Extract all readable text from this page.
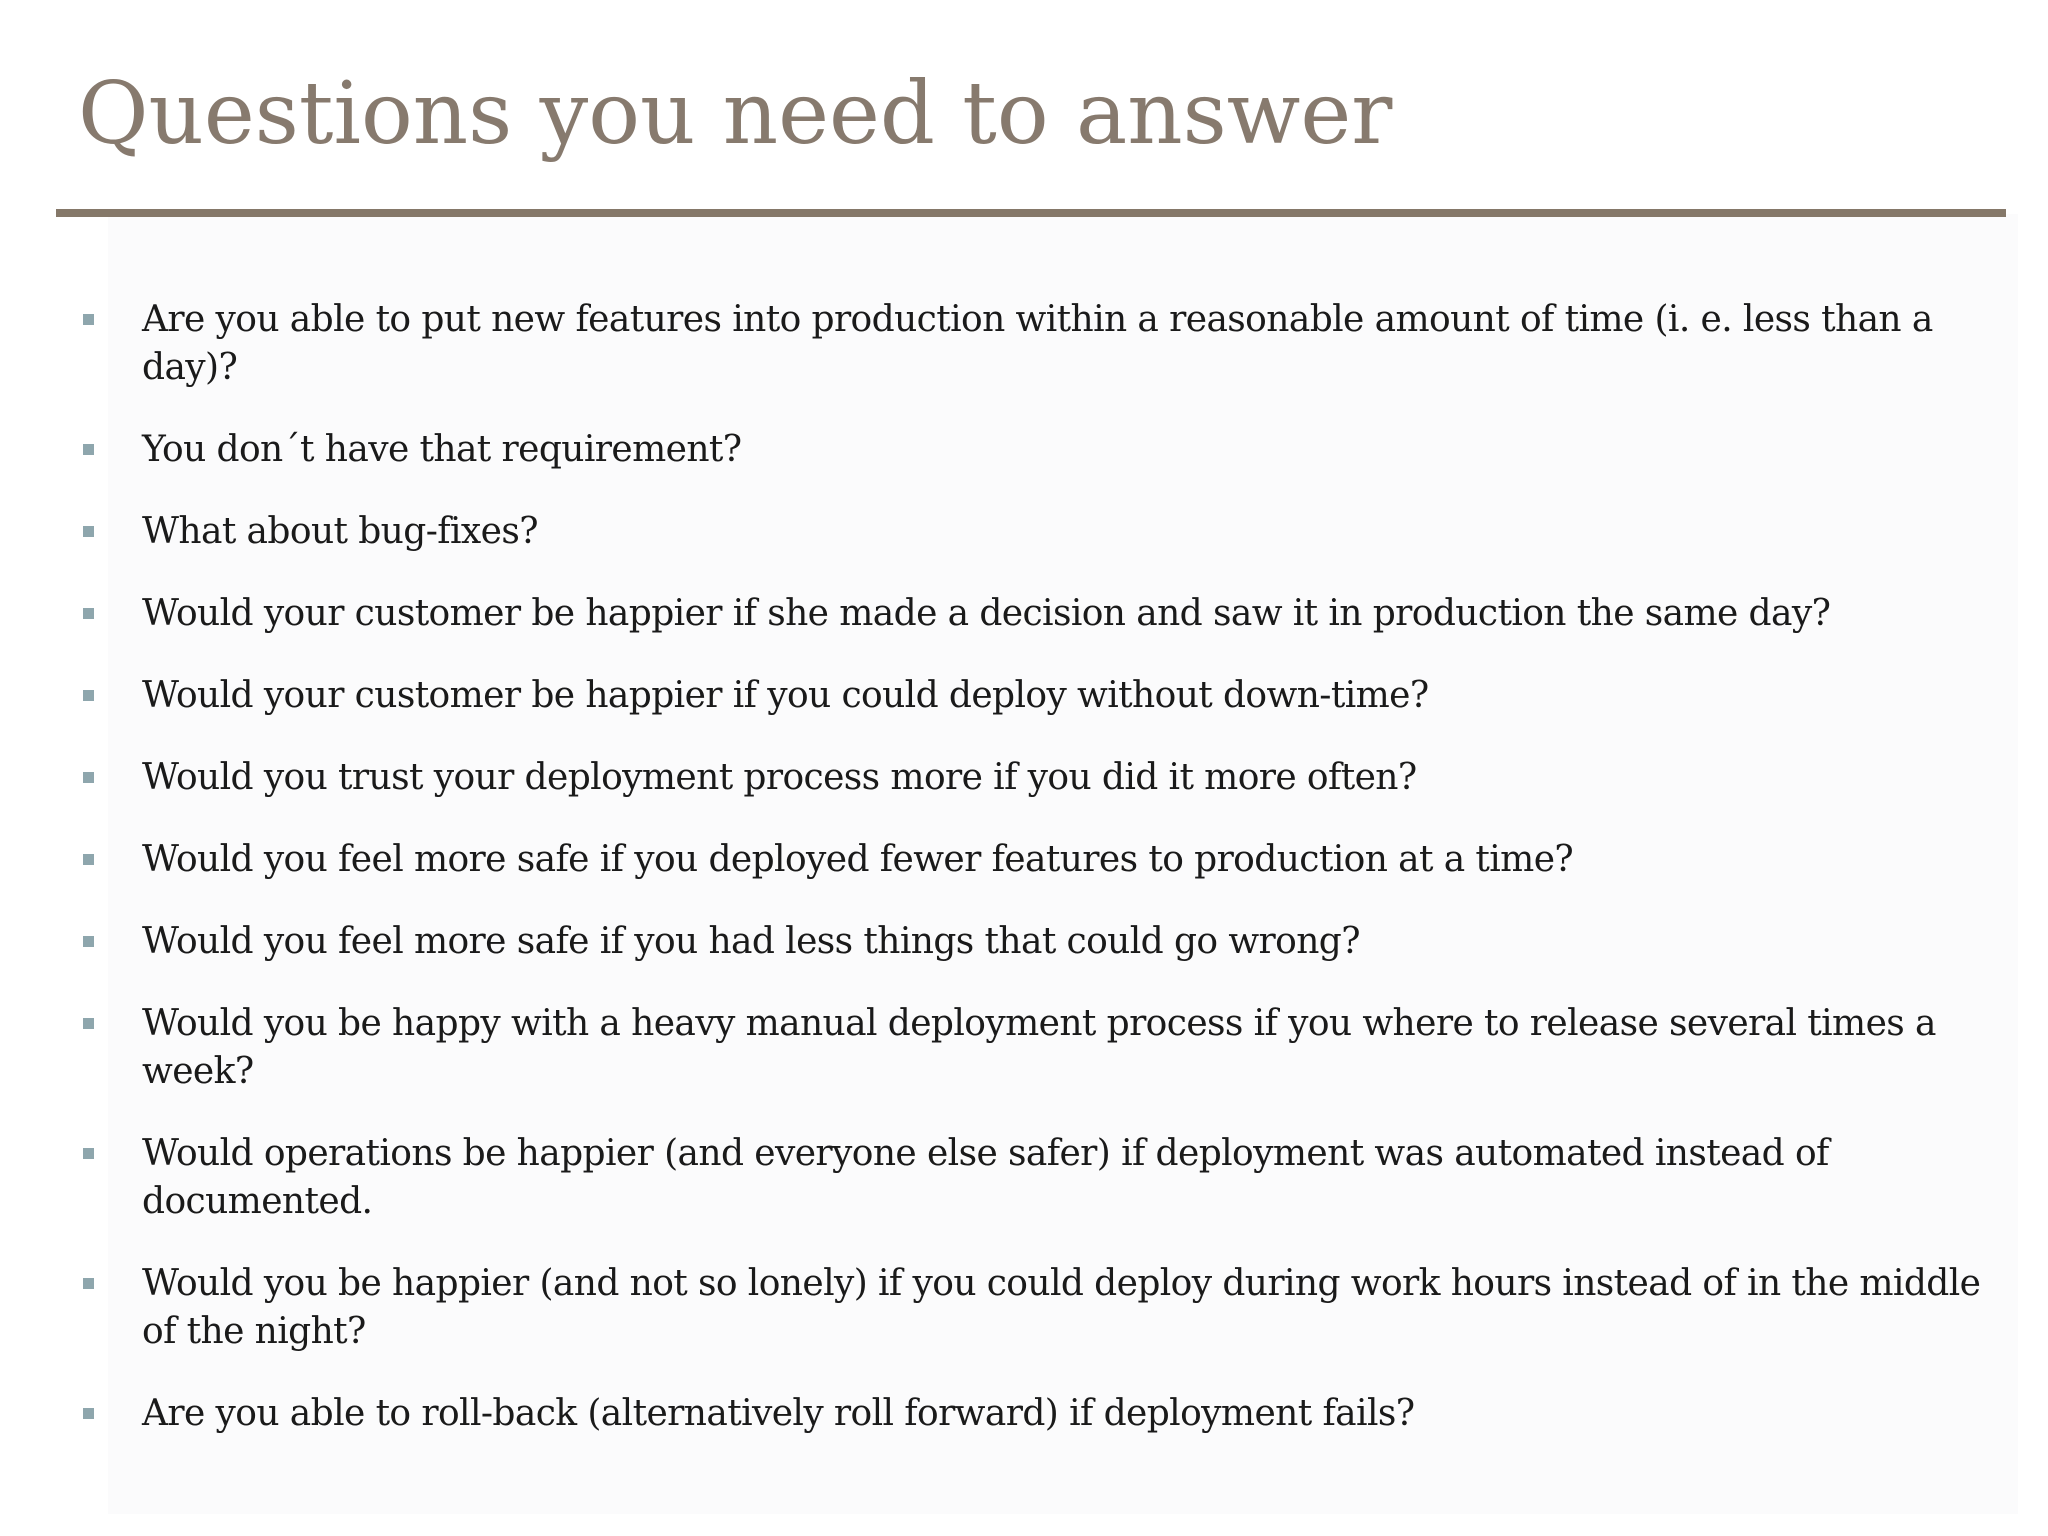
Questions you need to answer
Are you able to put new features into production within a reasonable amount of time (i. e. less than a day)?
You don´t have that requirement?
What about bug-fixes?
Would your customer be happier if she made a decision and saw it in production the same day?
Would your customer be happier if you could deploy without down-time?
Would you trust your deployment process more if you did it more often?
Would you feel more safe if you deployed fewer features to production at a time?
Would you feel more safe if you had less things that could go wrong?
Would you be happy with a heavy manual deployment process if you where to release several times a week?
Would operations be happier (and everyone else safer) if deployment was automated instead of documented.
Would you be happier (and not so lonely) if you could deploy during work hours instead of in the middle of the night?
Are you able to roll-back (alternatively roll forward) if deployment fails?
